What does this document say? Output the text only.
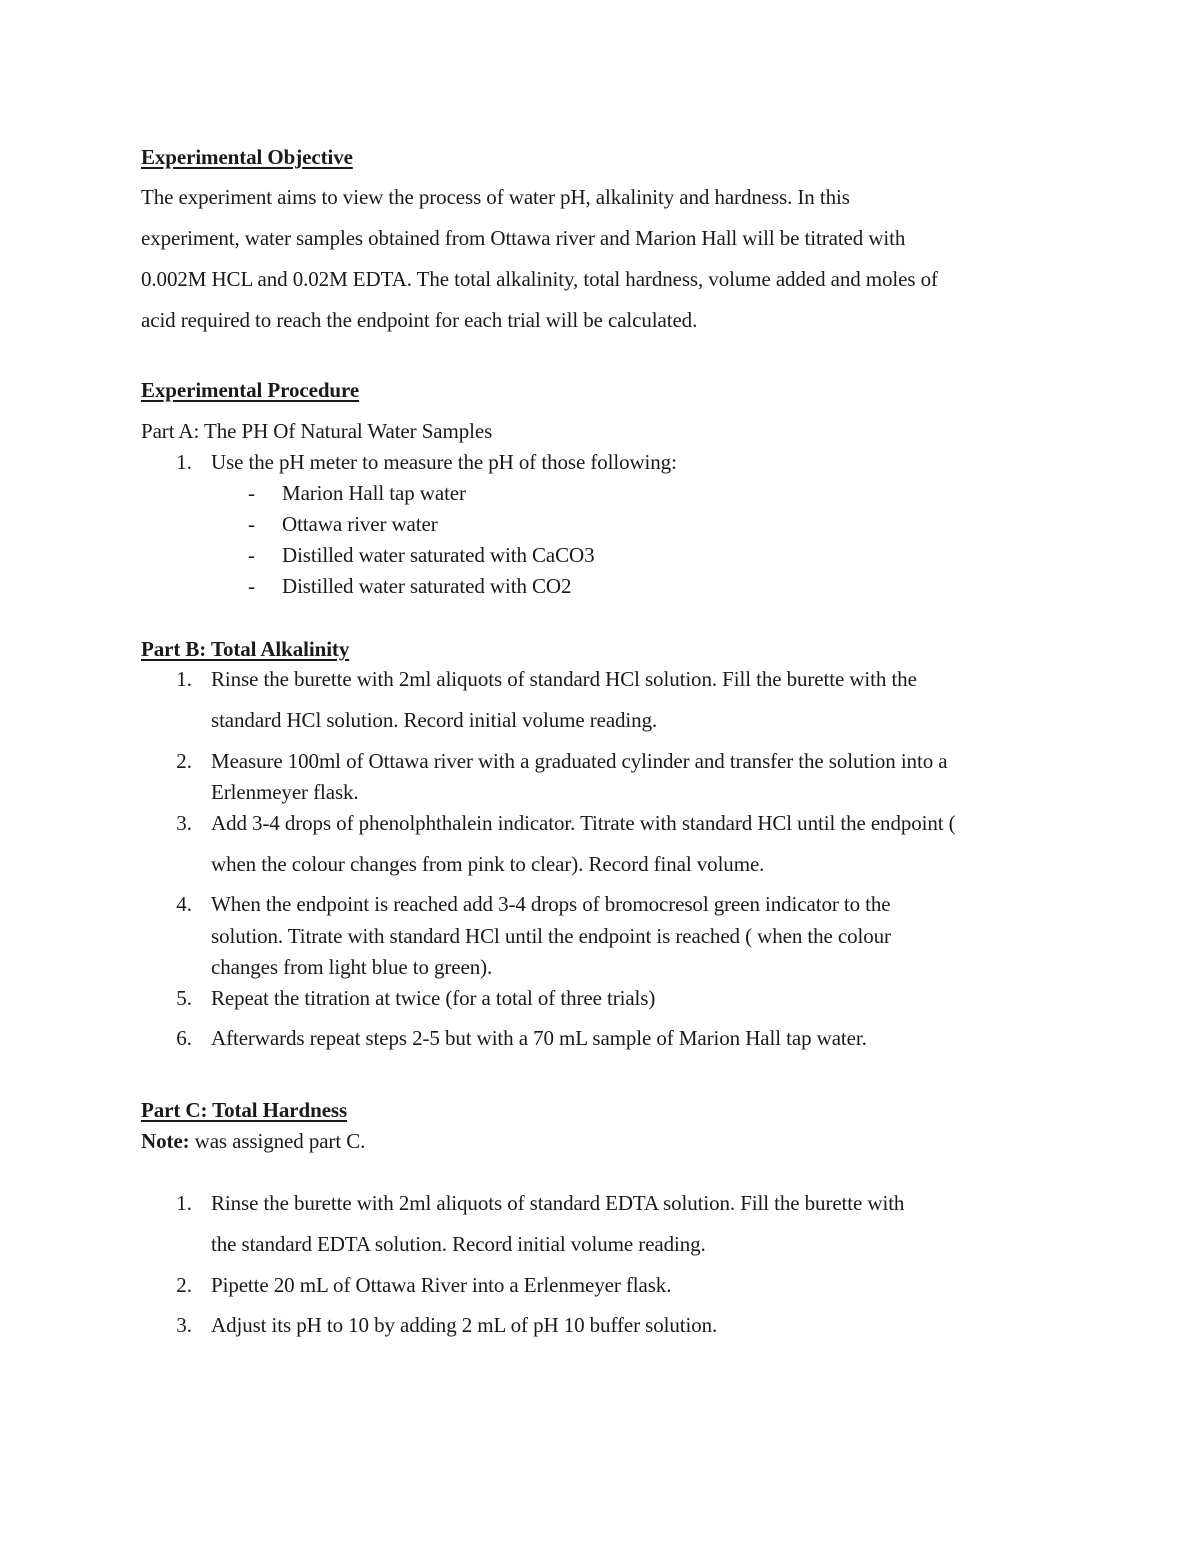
Experimental Objective
The experiment aims to view the process of water pH, alkalinity and hardness. In this
experiment, water samples obtained from Ottawa river and Marion Hall will be titrated with
0.002M HCL and 0.02M EDTA. The total alkalinity, total hardness, volume added and moles of
acid required to reach the endpoint for each trial will be calculated.
Experimental Procedure
Part A: The PH Of Natural Water Samples
1. Use the pH meter to measure the pH of those following:
- Marion Hall tap water
- Ottawa river water
- Distilled water saturated with CaCO3
- Distilled water saturated with CO2
Part B: Total Alkalinity
1. Rinse the burette with 2ml aliquots of standard HCl solution. Fill the burette with the
standard HCl solution. Record initial volume reading.
2. Measure 100ml of Ottawa river with a graduated cylinder and transfer the solution into a
Erlenmeyer flask.
3. Add 3-4 drops of phenolphthalein indicator. Titrate with standard HCl until the endpoint (
when the colour changes from pink to clear). Record final volume.
4. When the endpoint is reached add 3-4 drops of bromocresol green indicator to the
solution. Titrate with standard HCl until the endpoint is reached ( when the colour
changes from light blue to green).
5. Repeat the titration at twice (for a total of three trials)
6. Afterwards repeat steps 2-5 but with a 70 mL sample of Marion Hall tap water.
Part C: Total Hardness
Note: was assigned part C.
1. Rinse the burette with 2ml aliquots of standard EDTA solution. Fill the burette with
the standard EDTA solution. Record initial volume reading.
2. Pipette 20 mL of Ottawa River into a Erlenmeyer flask.
3. Adjust its pH to 10 by adding 2 mL of pH 10 buffer solution.
